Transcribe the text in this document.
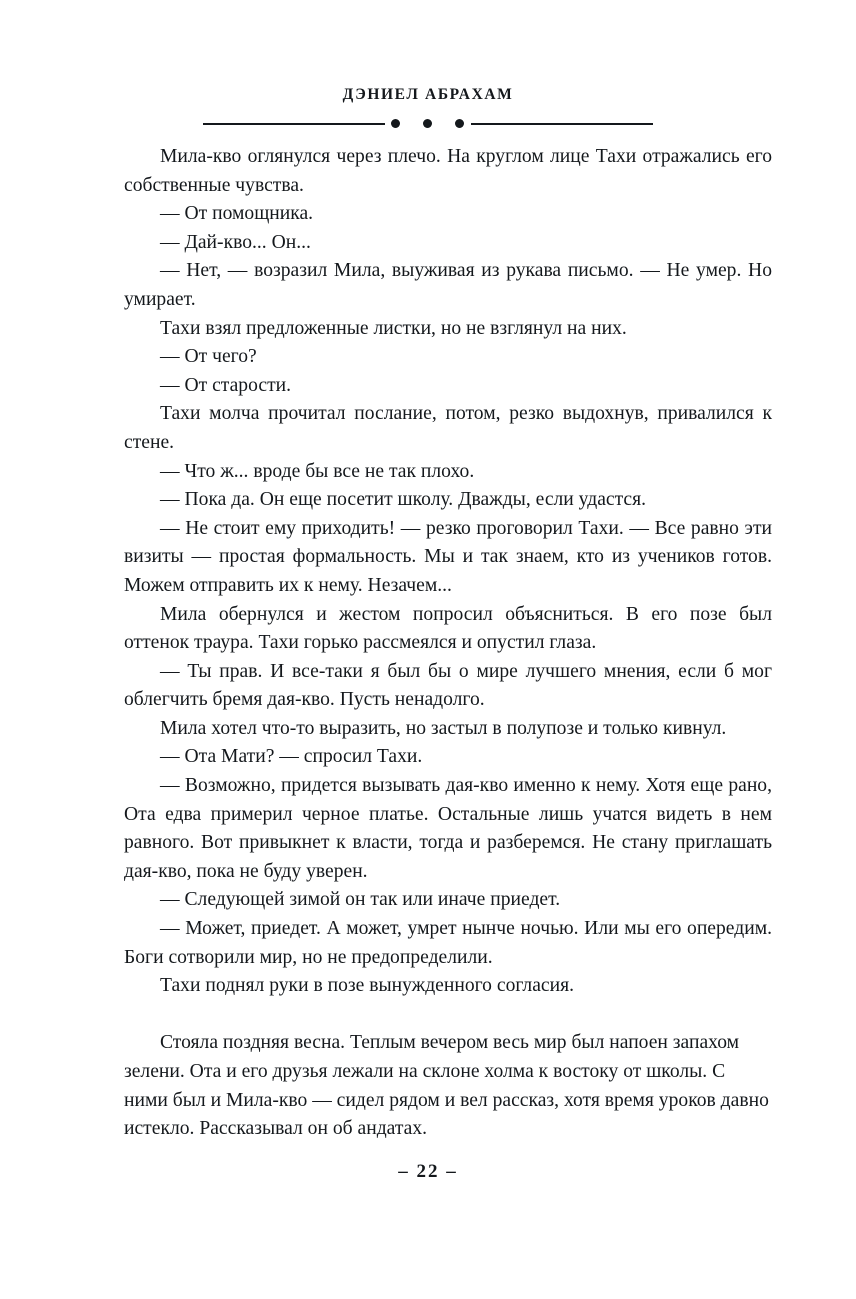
ДЭНИЕЛ АБРАХАМ

Мила-кво оглянулся через плечо. На круглом лице Тахи отражались его собственные чувства.

— От помощника.

— Дай-кво... Он...

— Нет, — возразил Мила, выуживая из рукава письмо. — Не умер. Но умирает.

Тахи взял предложенные листки, но не взглянул на них.

— От чего?

— От старости.

Тахи молча прочитал послание, потом, резко выдохнув, привалился к стене.

— Что ж... вроде бы все не так плохо.

— Пока да. Он еще посетит школу. Дважды, если удастся.

— Не стоит ему приходить! — резко проговорил Тахи. — Все равно эти визиты — простая формальность. Мы и так знаем, кто из учеников готов. Можем отправить их к нему. Незачем...

Мила обернулся и жестом попросил объясниться. В его позе был оттенок траура. Тахи горько рассмеялся и опустил глаза.

— Ты прав. И все-таки я был бы о мире лучшего мнения, если б мог облегчить бремя дая-кво. Пусть ненадолго.

Мила хотел что-то выразить, но застыл в полупозе и только кивнул.

— Ота Мати? — спросил Тахи.

— Возможно, придется вызывать дая-кво именно к нему. Хотя еще рано, Ота едва примерил черное платье. Остальные лишь учатся видеть в нем равного. Вот привыкнет к власти, тогда и разберемся. Не стану приглашать дая-кво, пока не буду уверен.

— Следующей зимой он так или иначе приедет.

— Может, приедет. А может, умрет нынче ночью. Или мы его опередим. Боги сотворили мир, но не предопределили.

Тахи поднял руки в позе вынужденного согласия.

Стояла поздняя весна. Теплым вечером весь мир был напоен запахом зелени. Ота и его друзья лежали на склоне холма к востоку от школы. С ними был и Мила-кво — сидел рядом и вел рассказ, хотя время уроков давно истекло. Рассказывал он об андатах.

– 22 –
